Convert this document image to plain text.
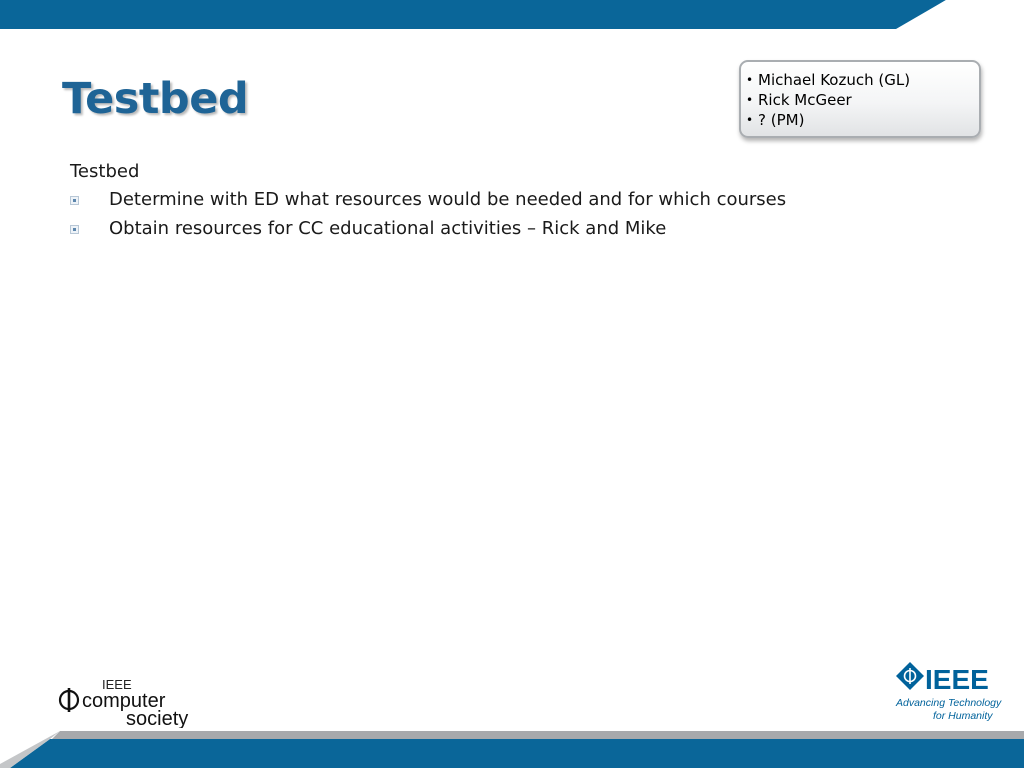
Testbed	• Michael Kozuch (GL)
• Rick McGeer
• ? (PM)
Testbed
Determine with ED what resources would be needed and for which courses
Obtain resources for CC educational activities – Rick and Mike
IEEE
computer
society
IEEE
Advancing Technology
for Humanity
